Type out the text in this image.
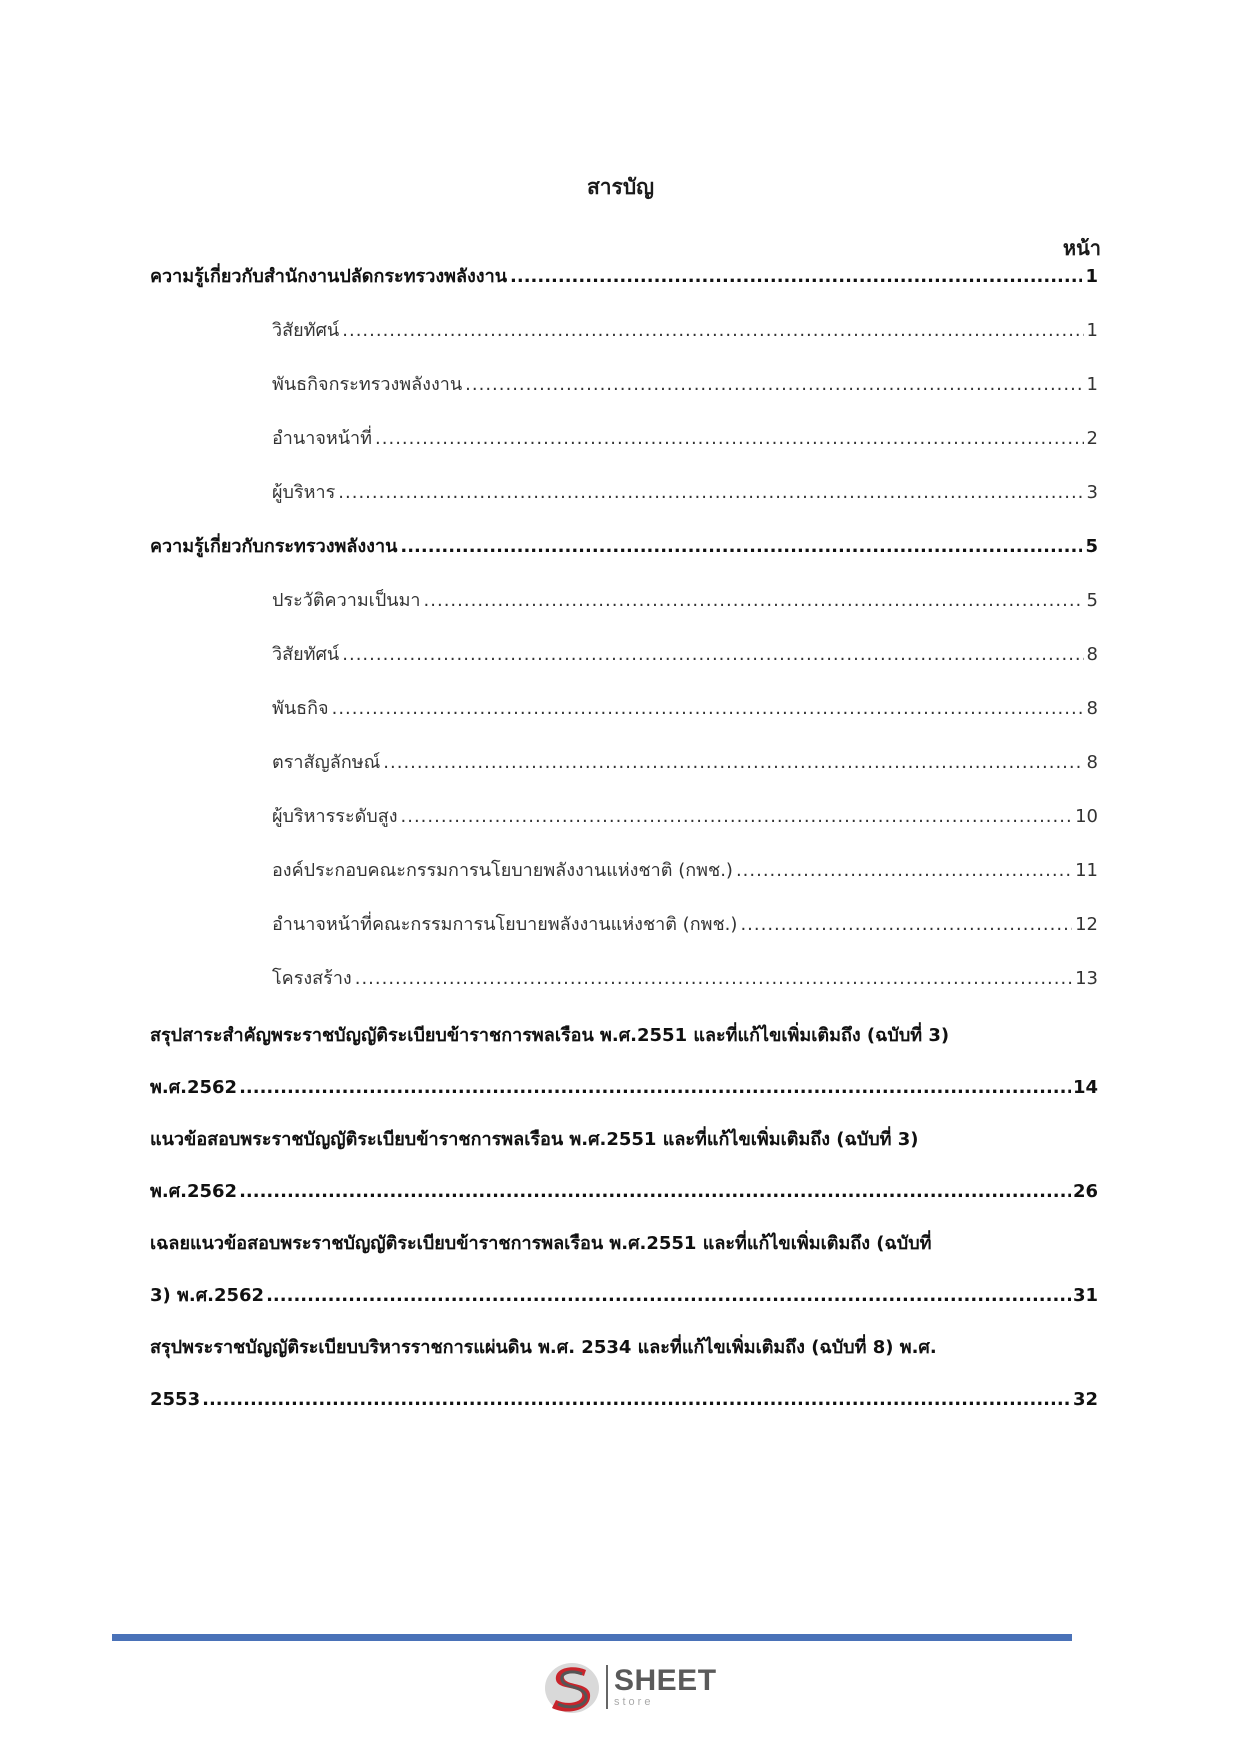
สารบัญ
หน้า
ความรู้เกี่ยวกับสำนักงานปลัดกระทรวงพลังงาน .....	1
วิสัยทัศน์ .....	1
พันธกิจกระทรวงพลังงาน .....	1
อำนาจหน้าที่ .....	2
ผู้บริหาร .....	3
ความรู้เกี่ยวกับกระทรวงพลังงาน .....	5
ประวัติความเป็นมา .....	5
วิสัยทัศน์ .....	8
พันธกิจ .....	8
ตราสัญลักษณ์ .....	8
ผู้บริหารระดับสูง .....	10
องค์ประกอบคณะกรรมการนโยบายพลังงานแห่งชาติ (กพช.) .....	11
อำนาจหน้าที่คณะกรรมการนโยบายพลังงานแห่งชาติ (กพช.) .....	12
โครงสร้าง .....	13
สรุปสาระสำคัญพระราชบัญญัติระเบียบข้าราชการพลเรือน พ.ศ.2551 และที่แก้ไขเพิ่มเติมถึง (ฉบับที่ 3)
พ.ศ.2562 .....	14
แนวข้อสอบพระราชบัญญัติระเบียบข้าราชการพลเรือน พ.ศ.2551 และที่แก้ไขเพิ่มเติมถึง (ฉบับที่ 3)
พ.ศ.2562 .....	26
เฉลยแนวข้อสอบพระราชบัญญัติระเบียบข้าราชการพลเรือน พ.ศ.2551 และที่แก้ไขเพิ่มเติมถึง (ฉบับที่
3) พ.ศ.2562 .....	31
สรุปพระราชบัญญัติระเบียบบริหารราชการแผ่นดิน พ.ศ. 2534 และที่แก้ไขเพิ่มเติมถึง (ฉบับที่ 8) พ.ศ.
2553 .....	32
SHEET
store
